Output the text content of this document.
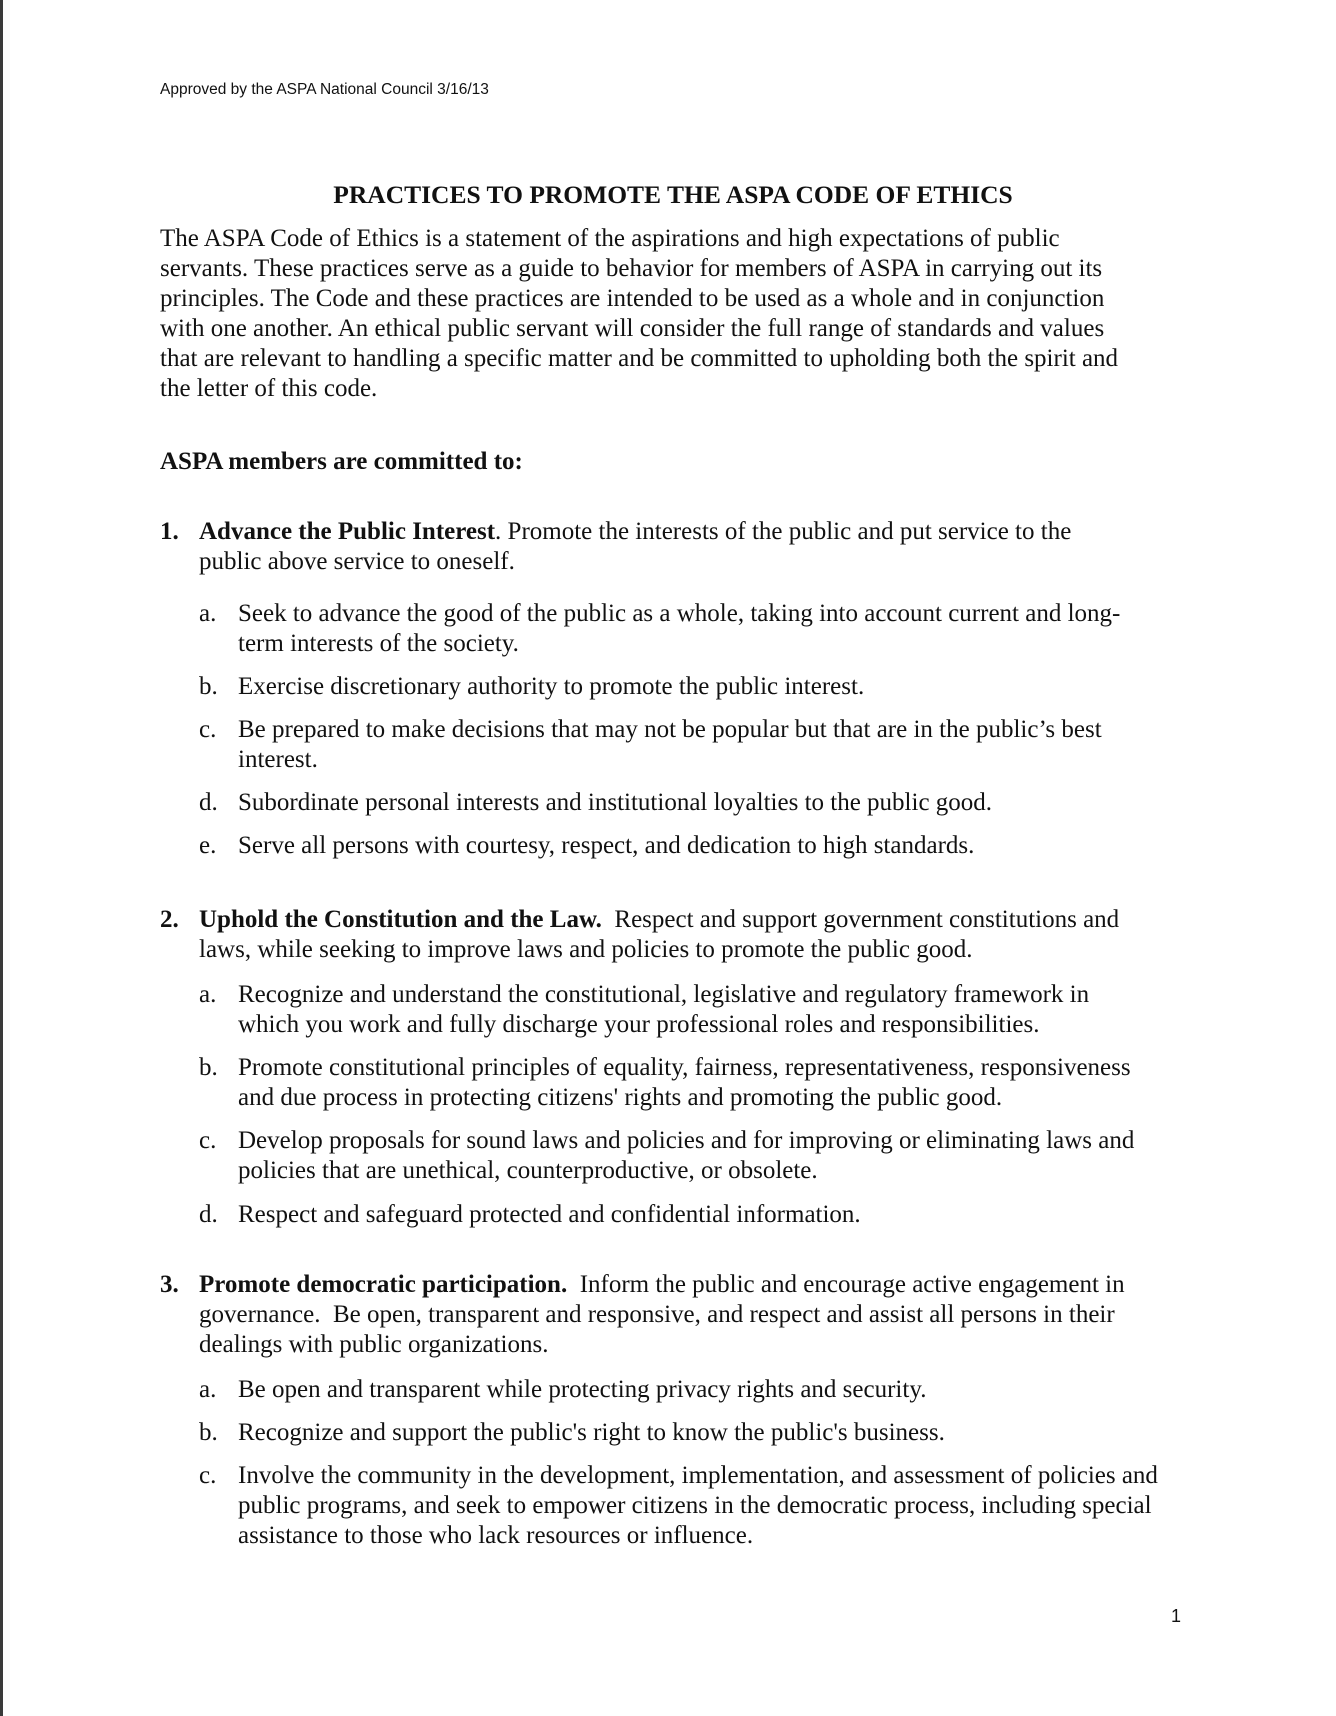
Approved by the ASPA National Council 3/16/13
PRACTICES TO PROMOTE THE ASPA CODE OF ETHICS
The ASPA Code of Ethics is a statement of the aspirations and high expectations of public
servants. These practices serve as a guide to behavior for members of ASPA in carrying out its
principles. The Code and these practices are intended to be used as a whole and in conjunction
with one another. An ethical public servant will consider the full range of standards and values
that are relevant to handling a specific matter and be committed to upholding both the spirit and
the letter of this code.
ASPA members are committed to:
1. Advance the Public Interest. Promote the interests of the public and put service to the
public above service to oneself.
a. Seek to advance the good of the public as a whole, taking into account current and long-
term interests of the society.
b. Exercise discretionary authority to promote the public interest.
c. Be prepared to make decisions that may not be popular but that are in the public’s best
interest.
d. Subordinate personal interests and institutional loyalties to the public good.
e. Serve all persons with courtesy, respect, and dedication to high standards.
2. Uphold the Constitution and the Law.  Respect and support government constitutions and
laws, while seeking to improve laws and policies to promote the public good.
a. Recognize and understand the constitutional, legislative and regulatory framework in
which you work and fully discharge your professional roles and responsibilities.
b. Promote constitutional principles of equality, fairness, representativeness, responsiveness
and due process in protecting citizens' rights and promoting the public good.
c. Develop proposals for sound laws and policies and for improving or eliminating laws and
policies that are unethical, counterproductive, or obsolete.
d. Respect and safeguard protected and confidential information.
3. Promote democratic participation.  Inform the public and encourage active engagement in
governance.  Be open, transparent and responsive, and respect and assist all persons in their
dealings with public organizations.
a. Be open and transparent while protecting privacy rights and security.
b. Recognize and support the public's right to know the public's business.
c. Involve the community in the development, implementation, and assessment of policies and
public programs, and seek to empower citizens in the democratic process, including special
assistance to those who lack resources or influence.
1
